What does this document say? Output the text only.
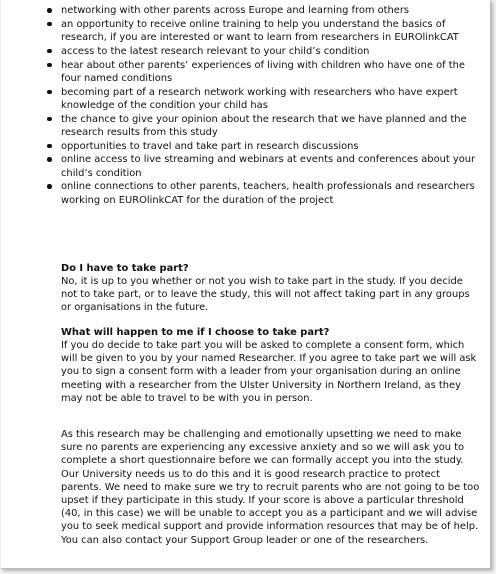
networking with other parents across Europe and learning from others
an opportunity to receive online training to help you understand the basics of research, if you are interested or want to learn from researchers in EUROlinkCAT
access to the latest research relevant to your child’s condition
hear about other parents’ experiences of living with children who have one of the four named conditions
becoming part of a research network working with researchers who have expert knowledge of the condition your child has
the chance to give your opinion about the research that we have planned and the research results from this study
opportunities to travel and take part in research discussions
online access to live streaming and webinars at events and conferences about your child’s condition
online connections to other parents, teachers, health professionals and researchers working on EUROlinkCAT for the duration of the project

Do I have to take part?

No, it is up to you whether or not you wish to take part in the study. If you decide not to take part, or to leave the study, this will not affect taking part in any groups or organisations in the future.

What will happen to me if I choose to take part?

If you do decide to take part you will be asked to complete a consent form, which will be given to you by your named Researcher. If you agree to take part we will ask you to sign a consent form with a leader from your organisation during an online meeting with a researcher from the Ulster University in Northern Ireland, as they may not be able to travel to be with you in person.

As this research may be challenging and emotionally upsetting we need to make sure no parents are experiencing any excessive anxiety and so we will ask you to complete a short questionnaire before we can formally accept you into the study. Our University needs us to do this and it is good research practice to protect parents. We need to make sure we try to recruit parents who are not going to be too upset if they participate in this study. If your score is above a particular threshold (40, in this case) we will be unable to accept you as a participant and we will advise you to seek medical support and provide information resources that may be of help. You can also contact your Support Group leader or one of the researchers.
